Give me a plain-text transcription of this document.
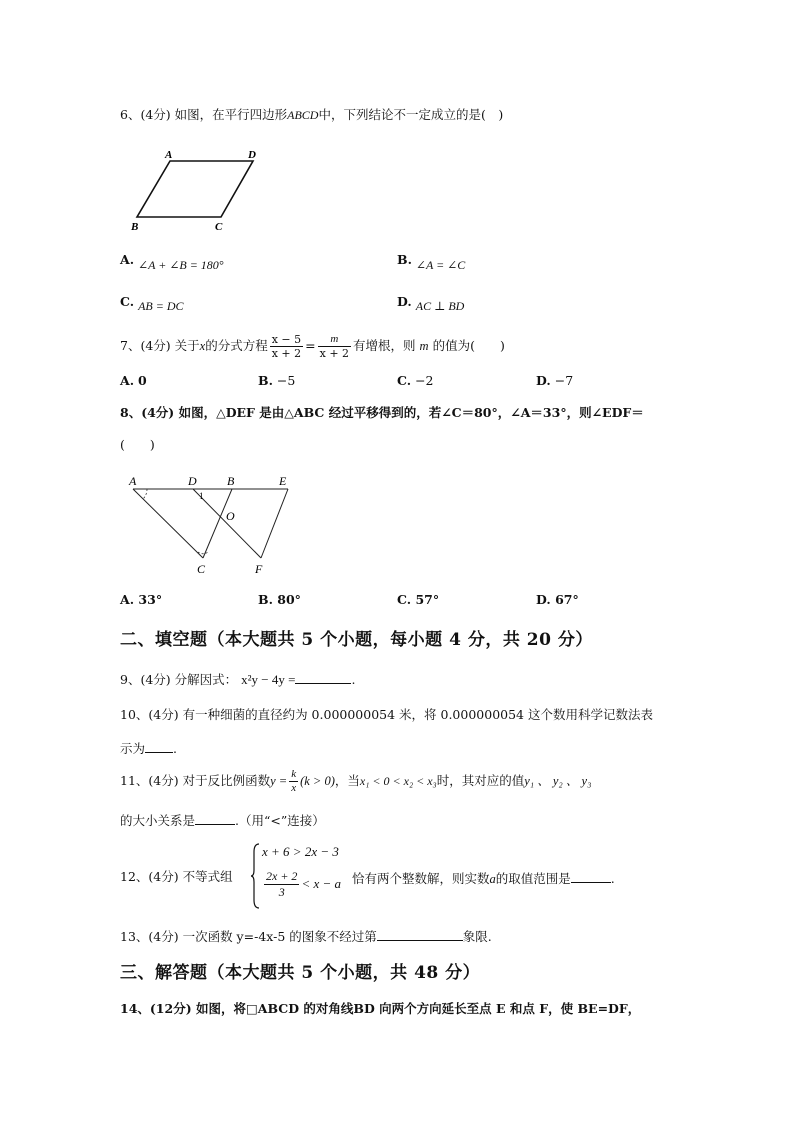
6、(4分) 如图，在平行四边形ABCD中，下列结论不一定成立的是(　)
A	D
B	C
A. ∠A + ∠B = 180°	B. ∠A = ∠C
C. AB = DC	D. AC ⊥ BD
7、(4分) 关于x的分式方程 $\frac{x - 5}{x + 2} = \frac{m}{x + 2}$ 有增根，则 m 的值为(　　)
A. 0	B. −5	C. −2	D. −7
8、(4分) 如图，△DEF 是由△ABC 经过平移得到的，若∠C＝80°，∠A＝33°，则∠EDF＝
(　　)
A	D	B	E
1
O
C	F
A. 33°	B. 80°	C. 57°	D. 67°
二、填空题（本大题共 5 个小题，每小题 4 分，共 20 分）
9、(4分) 分解因式： x²y − 4y =	.
10、(4分) 有一种细菌的直径约为 0.000000054 米，将 0.000000054 这个数用科学记数法表
示为 .
11、(4分) 对于反比例函数$y = \frac{k}{x} (k > 0)$，当x₁ < 0 < x₂ < x₃时，其对应的值y₁ 、 y₂ 、 y₃
的大小关系是	.（用“<”连接）
12、(4分) 不等式组
x + 6 > 2x − 3
$\frac{2x + 2}{3} < x - a$ 恰有两个整数解，则实数a的取值范围是	.
13、(4分) 一次函数 y=-4x-5 的图象不经过第	象限.
三、解答题（本大题共 5 个小题，共 48 分）
14、(12分) 如图，将□ABCD 的对角线BD 向两个方向延长至点 E 和点 F，使 BE=DF，
